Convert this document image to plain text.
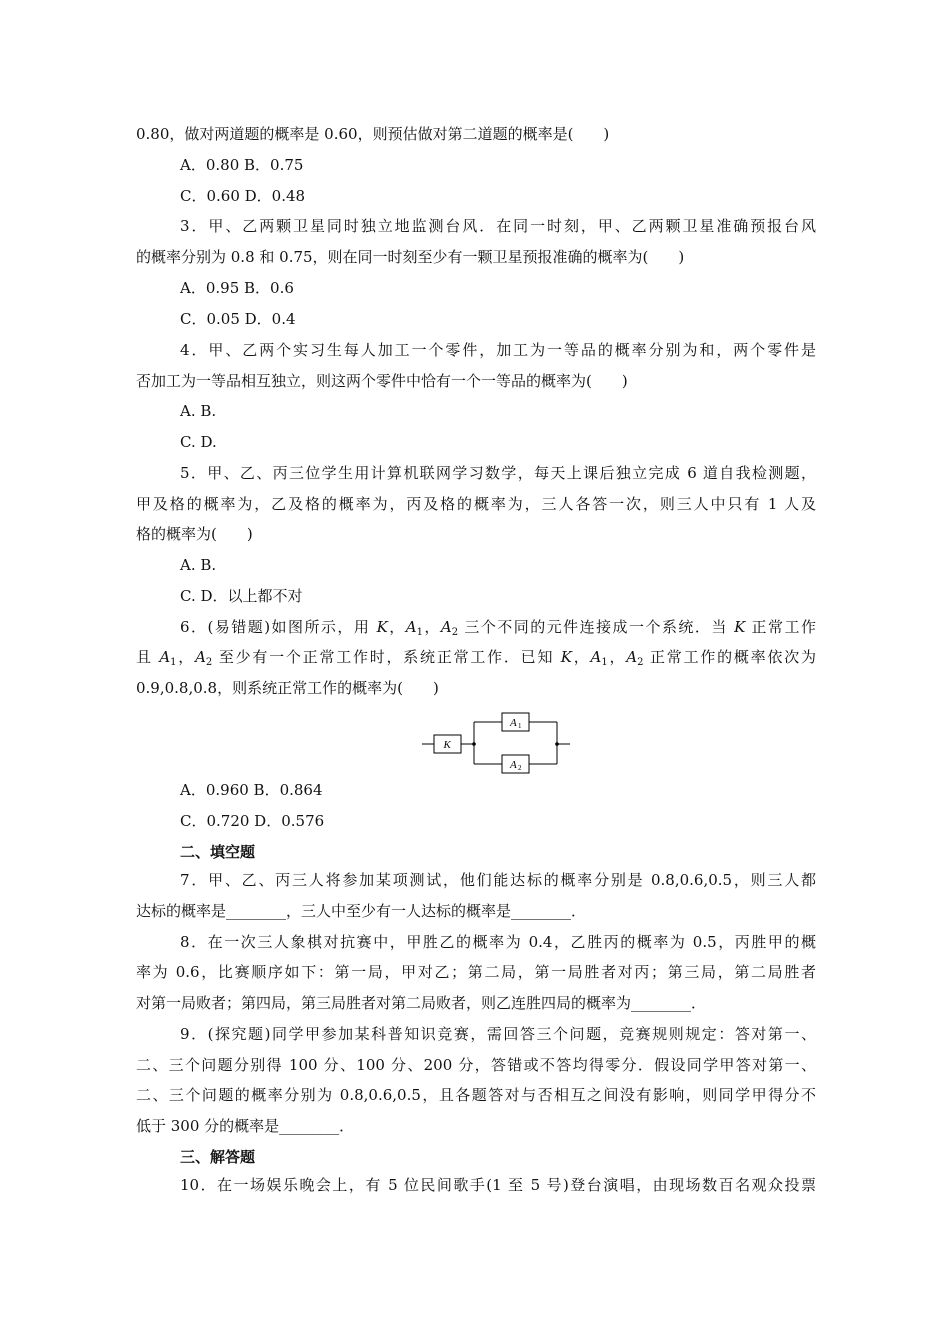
0.80，做对两道题的概率是 0.60，则预估做对第二道题的概率是(　　)
A．0.80 B．0.75
C．0.60 D．0.48
3．甲、乙两颗卫星同时独立地监测台风．在同一时刻，甲、乙两颗卫星准确预报台风
的概率分别为 0.8 和 0.75，则在同一时刻至少有一颗卫星预报准确的概率为(　　)
A．0.95 B．0.6
C．0.05 D．0.4
4．甲、乙两个实习生每人加工一个零件，加工为一等品的概率分别为和，两个零件是
否加工为一等品相互独立，则这两个零件中恰有一个一等品的概率为(　　)
A. B.
C. D.
5．甲、乙、丙三位学生用计算机联网学习数学，每天上课后独立完成 6 道自我检测题，
甲及格的概率为，乙及格的概率为，丙及格的概率为，三人各答一次，则三人中只有 1 人及
格的概率为(　　)
A. B.
C. D．以上都不对
6．(易错题)如图所示，用 K，$A_1$，$A_2$ 三个不同的元件连接成一个系统．当 K 正常工作
且 $A_1$，$A_2$ 至少有一个正常工作时，系统正常工作．已知 K，$A_1$，$A_2$ 正常工作的概率依次为
0.9,0.8,0.8，则系统正常工作的概率为(　　)
K
A
A
1
2
A．0.960 B．0.864
C．0.720 D．0.576
二、填空题
7．甲、乙、丙三人将参加某项测试，他们能达标的概率分别是 0.8,0.6,0.5，则三人都
达标的概率是________，三人中至少有一人达标的概率是________．
8．在一次三人象棋对抗赛中，甲胜乙的概率为 0.4，乙胜丙的概率为 0.5，丙胜甲的概
率为 0.6，比赛顺序如下：第一局，甲对乙；第二局，第一局胜者对丙；第三局，第二局胜者
对第一局败者；第四局，第三局胜者对第二局败者，则乙连胜四局的概率为________．
9．(探究题)同学甲参加某科普知识竞赛，需回答三个问题，竞赛规则规定：答对第一、
二、三个问题分别得 100 分、100 分、200 分，答错或不答均得零分．假设同学甲答对第一、
二、三个问题的概率分别为 0.8,0.6,0.5，且各题答对与否相互之间没有影响，则同学甲得分不
低于 300 分的概率是________．
三、解答题
10．在一场娱乐晚会上，有 5 位民间歌手(1 至 5 号)登台演唱，由现场数百名观众投票
